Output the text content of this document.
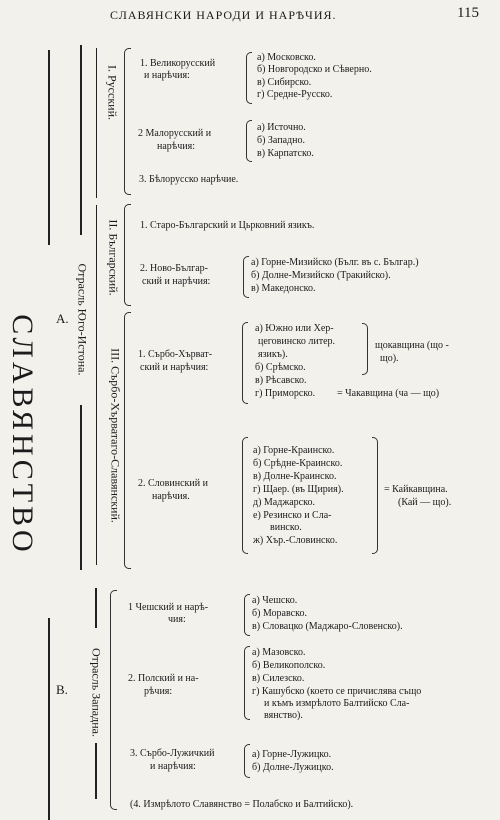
СЛАВЯНСКИ НАРОДИ И НАРѢЧИЯ.	115
СЛАВЯНСТВО A.
B.
Отрасль Юго-Истона.
Отрасль Западна.
I. Русский.
1. Великорусский
и нарѣчия:
а) Московско.
б) Новгородско и Сѣверно.
в) Сибирско.
г) Средне-Русско.
2 Малорусский и
нарѣчия:
а) Источно.
б) Западно.
в) Карпатско.
3. Бѣлорусско нарѣчие.
II. Българский. 1. Старо-Българский и Цьрковний язикъ.
2. Ново-Българ-
ский и нарѣчия:
а) Горне-Мизийско (Бълг. въ с. Българ.)
б) Долне-Мизийско (Тракийско).
в) Македонско.
III. Сърбо-Хърватаго-Славянский. 1. Сърбо-Хърват-
ский и нарѣчия:
а) Южно или Хер-
цеговинско литер.
язикъ).
б) Срѣмско.
в) Рѣсавско.
г) Приморско.
щокавщина (що -
що).
= Чакавщина (ча — що)
2. Словинский и
нарѣчия.
а) Горне-Краинско.
б) Срѣдне-Краинско.
в) Долне-Краинско.
г) Щаер. (въ Щирия).
д) Маджарско.
е) Резинско и Сла-
винско.
ж) Хър.-Словинско.
= Кайкавщина.
(Кай — що).
1 Чешский и нарѣ-
чия:
а) Чешско.
б) Моравско.
в) Словацко (Маджаро-Словенско).
2. Полский и на-
рѣчия:
а) Мазовско.
б) Великополско.
в) Силезско.
г) Кашубско (което се причислява също
и къмъ измрѣлото Балтийско Сла-
вянство).
3. Сърбо-Лужичкий
и нарѣчия:
а) Горне-Лужицко.
б) Долне-Лужицко.
(4. Измрѣлото Славянство = Полабско и Балтийско).
